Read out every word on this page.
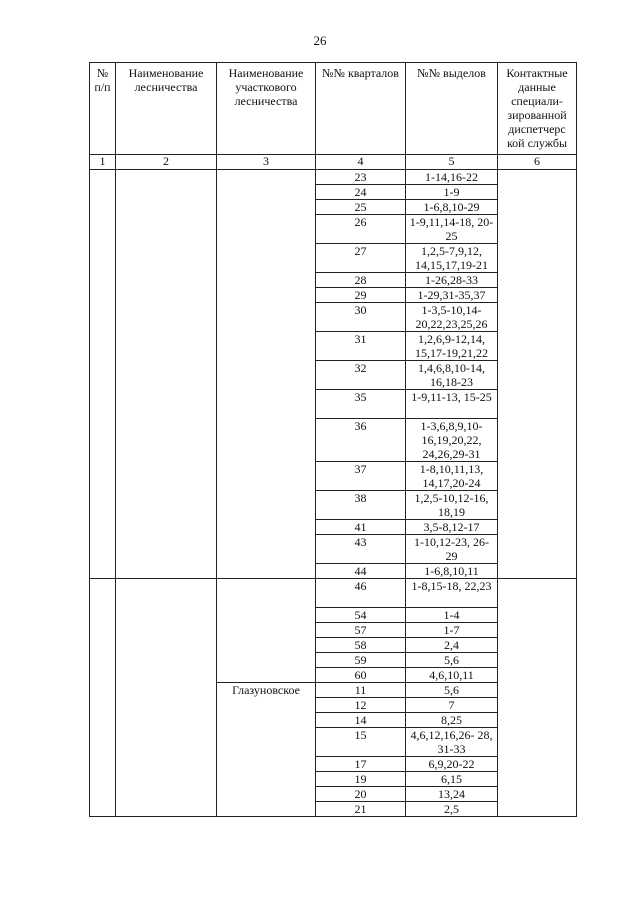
26
№ п/п	Наименование лесничества	Наименование участкового лесничества	№№ кварталов	№№ выделов	Контактные данные специали-зированной диспетчерс кой службы
1	2	3	4	5	6
			23	1-14,16-22	
			24	1-9	
			25	1-6,8,10-29	
			26	1-9,11,14-18, 20-25	
			27	1,2,5-7,9,12, 14,15,17,19-21	
			28	1-26,28-33	
			29	1-29,31-35,37	
			30	1-3,5-10,14- 20,22,23,25,26	
			31	1,2,6,9-12,14, 15,17-19,21,22	
			32	1,4,6,8,10-14, 16,18-23	
			35	1-9,11-13, 15-25	
			36	1-3,6,8,9,10- 16,19,20,22, 24,26,29-31	
			37	1-8,10,11,13, 14,17,20-24	
			38	1,2,5-10,12-16, 18,19	
			41	3,5-8,12-17	
			43	1-10,12-23, 26- 29	
			44	1-6,8,10,11	
			46	1-8,15-18, 22,23	
			54	1-4	
			57	1-7	
			58	2,4	
			59	5,6	
			60	4,6,10,11	
		Глазуновское	11	5,6	
			12	7	
			14	8,25	
			15	4,6,12,16,26- 28, 31-33	
			17	6,9,20-22	
			19	6,15	
			20	13,24	
			21	2,5	
